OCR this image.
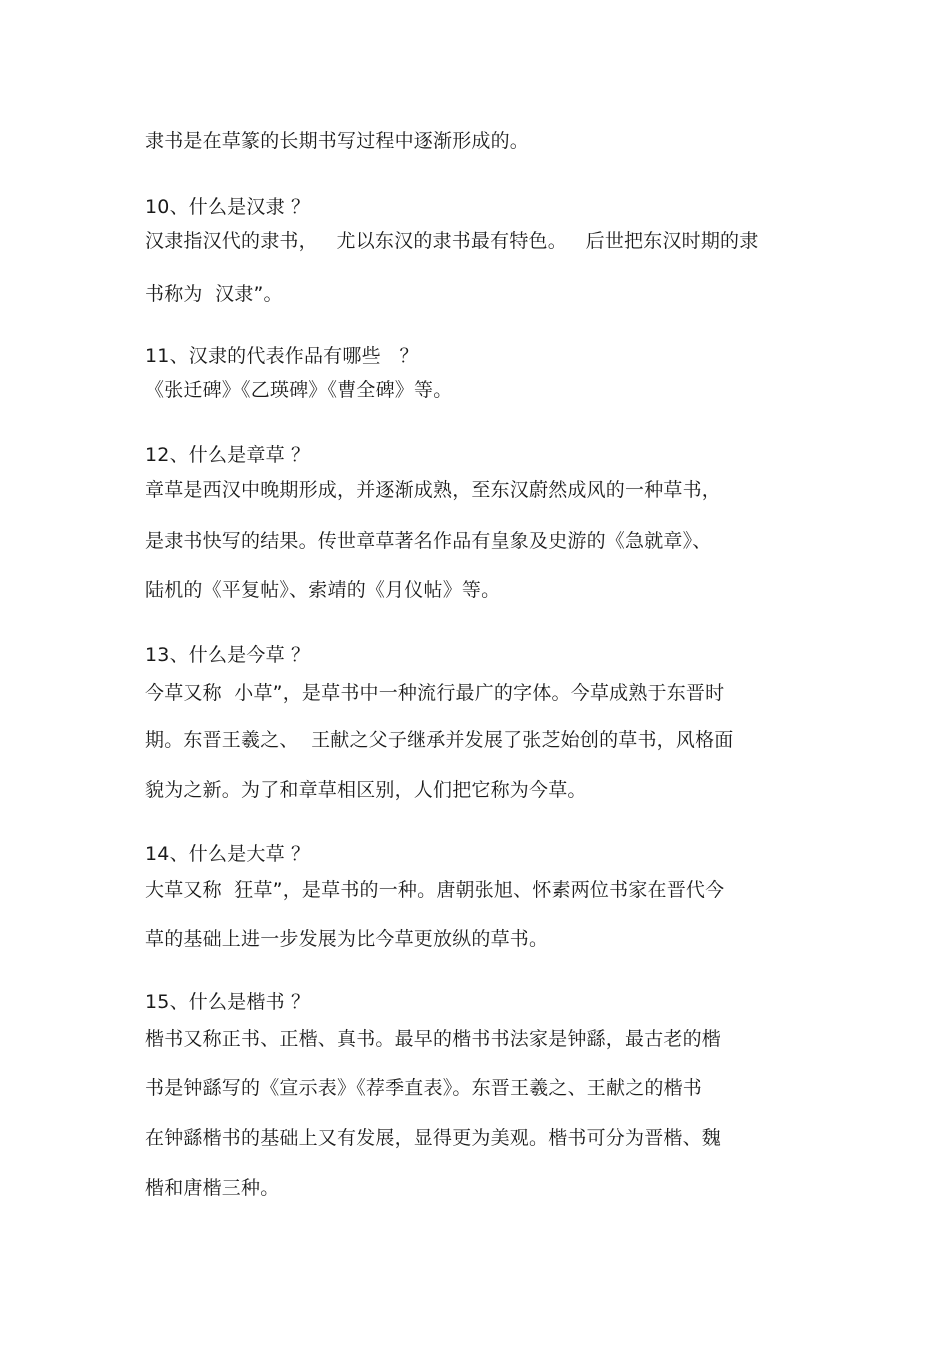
隶书是在草篆的长期书写过程中逐渐形成的。
10、什么是汉隶 ？
汉隶指汉代的隶书，   尤以东汉的隶书最有特色。   后世把东汉时期的隶
书称为  汉隶”。
11、汉隶的代表作品有哪些   ？
《张迁碑》《乙瑛碑》《曹全碑》等。
12、什么是章草 ？
章草是西汉中晚期形成，并逐渐成熟，至东汉蔚然成风的一种草书，
是隶书快写的结果。传世章草著名作品有皇象及史游的《急就章》、
陆机的《平复帖》、索靖的《月仪帖》等。
13、什么是今草 ？
今草又称  小草”，是草书中一种流行最广的字体。今草成熟于东晋时
期。东晋王羲之、  王献之父子继承并发展了张芝始创的草书，风格面
貌为之新。为了和章草相区别，人们把它称为今草。
14、什么是大草 ？
大草又称  狂草”，是草书的一种。唐朝张旭、怀素两位书家在晋代今
草的基础上进一步发展为比今草更放纵的草书。
15、什么是楷书 ？
楷书又称正书、正楷、真书。最早的楷书书法家是钟繇，最古老的楷
书是钟繇写的《宣示表》《荐季直表》。东晋王羲之、王献之的楷书
在钟繇楷书的基础上又有发展，显得更为美观。楷书可分为晋楷、魏
楷和唐楷三种。
